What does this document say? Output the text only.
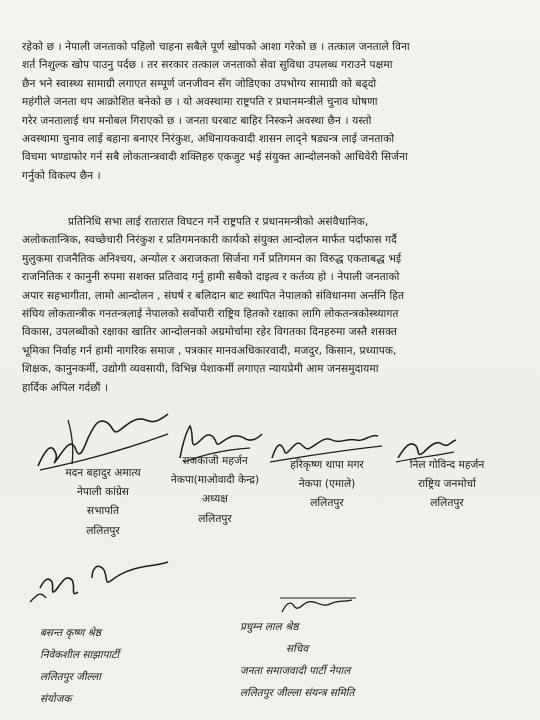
रहेको छ । नेपाली जनताको पहिलो चाहना सबैले पूर्ण खोपको आशा गरेको छ । तत्काल जनताले विना
शर्त निशुल्क खोप पाउनु पर्दछ । तर सरकार तत्काल जनताको सेवा सुविधा उपलब्ध गराउने पक्षमा
छैन भने स्वास्थ्य सामाग्री लगाएत सम्पूर्ण जनजीवन सँग जोडिएका उपभोग्य सामाग्री को बढ्दो
महंगीले जनता थप आक्रोशित बनेको छ । यो अवस्थामा राष्ट्रपति र प्रधानमन्त्रीले चुनाव घोषणा
गरेर जनतालाई थप मनोबल गिराएको छ । जनता घरबाट बाहिर निस्कने अवस्था छैन । यस्तो
अवस्थामा चुनाव लाई बहाना बनाएर निरंकुश, अधिनायकवादी शासन लाद्ने षड्यन्त्र लाई जनताको
विचमा भण्डाफोर गर्न सबै लोकतान्त्रवादी शक्तिहरु एकजुट भई संयुक्त आन्दोलनको आधिवेरी सिर्जना
गर्नुको विकल्प छैन ।
प्रतिनिधि सभा लाई रातारात विघटन गर्ने राष्ट्रपति र प्रधानमन्त्रीको असंवैधानिक,
अलोकतान्त्रिक, स्वच्छेचारी निरंकुश र प्रतिगमनकारी कार्यको संयुक्त आन्दोलन मार्फत पर्दाफास गर्दै
मुलुकमा राजनैतिक अनिश्चय, अन्योल र अराजकता सिर्जना गर्ने प्रतिगमन का विरुद्ध एकताबद्ध भई
राजनितिक र कानुनी रुपमा सशक्त प्रतिवाद गर्नु हामी सबैको दाइत्व र कर्तव्य हो । नेपाली जनताको
अपार सहभागीता, लामो आन्दोलन , संघर्ष र बलिदान बाट स्थापित नेपालको संविधानमा अर्न्तनि हित
संघिय लोकतान्त्रीक गनतन्त्रलाई नेपालको सर्वोपारी राष्ट्रिय हितको रक्षाका लागि लोकतन्त्रकोस्थ्यागत
विकास, उपलब्धीको रक्षाका खातिर आन्दोलनको अग्रमोर्चामा रहेर विगतका दिनहरुमा जस्तै शसक्त
भूमिका निर्वाह गर्न हामी नागरिक समाज , पत्रकार मानवअधिकारवादी, मजदुर, किसान, प्रध्यापक,
शिक्षक, कानुनकर्मी, उद्योगी व्यवसायी, विभिन्न पेशाकर्मी लगाएत न्यायप्रेमी आम जनसमुदायमा
हार्दिक अपिल गर्दछौं ।
मदन बहादुर अमात्य
नेपाली कांग्रेस
सभापति
ललितपुर
राजकाजी महर्जन
नेकपा(माओवादी केन्द्र)
अध्यक्ष
ललितपुर
हरिकृष्ण थापा मगर
नेकपा (एमाले)
ललितपुर
निल गोविन्द महर्जन
राष्ट्रिय जनमोर्चा
ललितपुर
बसन्त कृष्ण श्रेष्ठ
निवेकशील साझापार्टी
ललितपुर जील्ला
संयोजक
प्रधुम्न लाल श्रेष्ठ
सचिव
जनता समाजवादी पार्टी नेपाल
ललितपुर जील्ला संयन्त्र समिति
